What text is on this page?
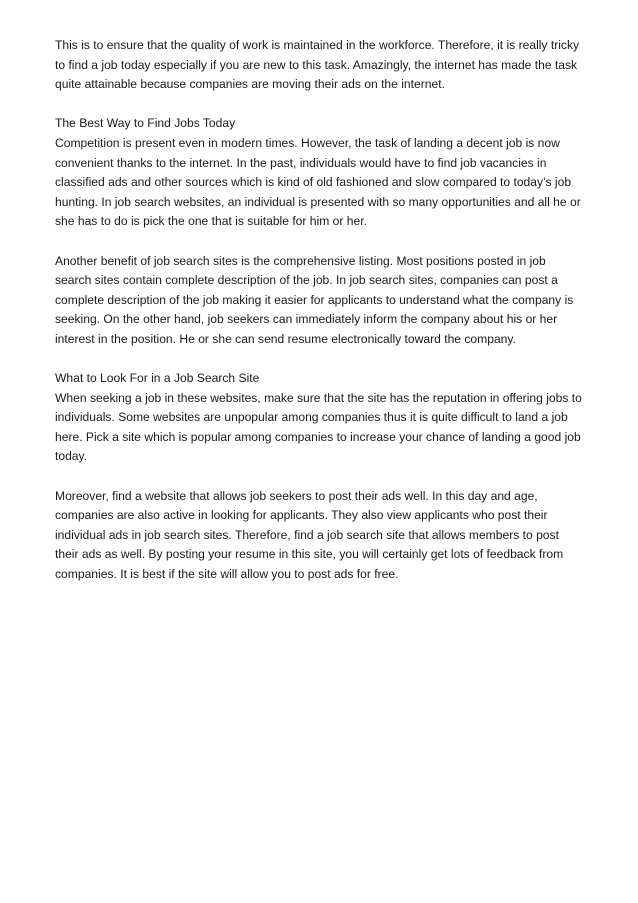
This is to ensure that the quality of work is maintained in the workforce. Therefore, it is really tricky to find a job today especially if you are new to this task. Amazingly, the internet has made the task quite attainable because companies are moving their ads on the internet.

The Best Way to Find Jobs Today

Competition is present even in modern times. However, the task of landing a decent job is now convenient thanks to the internet. In the past, individuals would have to find job vacancies in classified ads and other sources which is kind of old fashioned and slow compared to today’s job hunting. In job search websites, an individual is presented with so many opportunities and all he or she has to do is pick the one that is suitable for him or her.

Another benefit of job search sites is the comprehensive listing. Most positions posted in job search sites contain complete description of the job. In job search sites, companies can post a complete description of the job making it easier for applicants to understand what the company is seeking. On the other hand, job seekers can immediately inform the company about his or her interest in the position. He or she can send resume electronically toward the company.

What to Look For in a Job Search Site

When seeking a job in these websites, make sure that the site has the reputation in offering jobs to individuals. Some websites are unpopular among companies thus it is quite difficult to land a job here. Pick a site which is popular among companies to increase your chance of landing a good job today.

Moreover, find a website that allows job seekers to post their ads well. In this day and age, companies are also active in looking for applicants. They also view applicants who post their individual ads in job search sites. Therefore, find a job search site that allows members to post their ads as well. By posting your resume in this site, you will certainly get lots of feedback from companies. It is best if the site will allow you to post ads for free.
